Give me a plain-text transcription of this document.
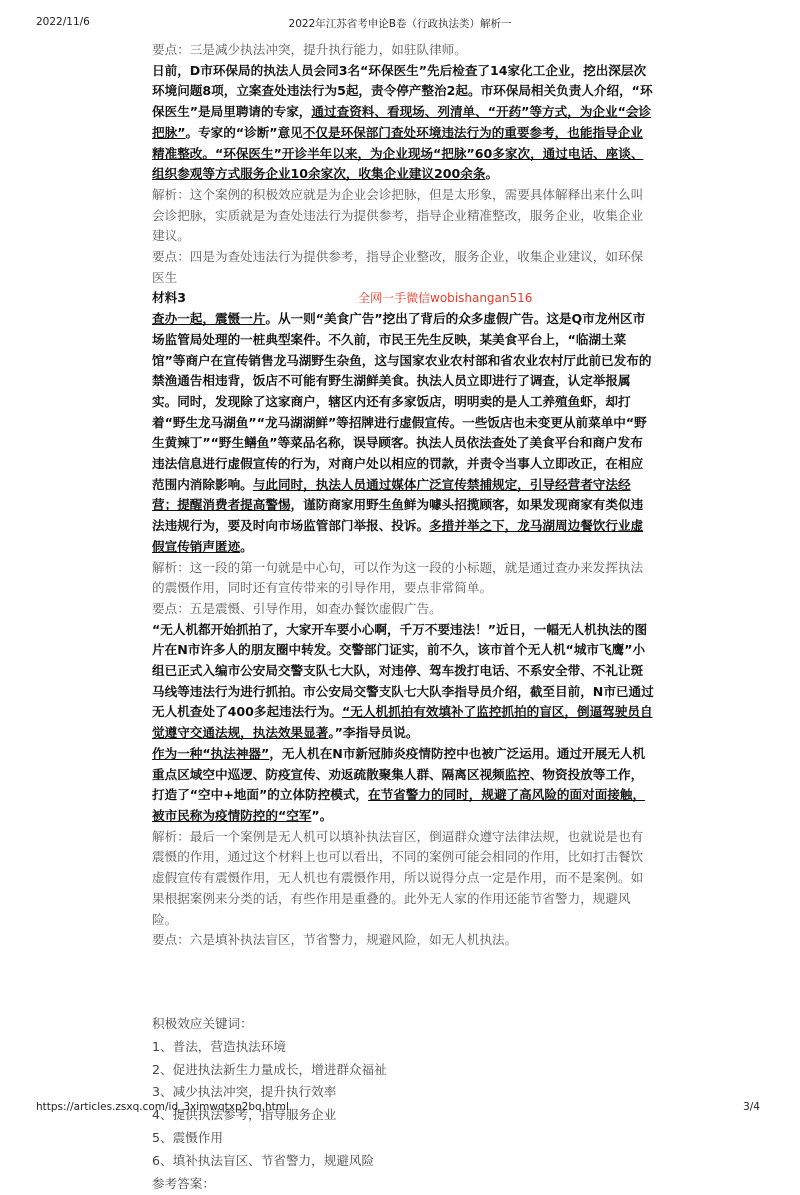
2022/11/6	2022年江苏省考申论B卷（行政执法类）解析一

要点：三是减少执法冲突，提升执行能力，如驻队律师。

日前，D市环保局的执法人员会同3名“环保医生”先后检查了14家化工企业，挖出深层次环境问题8项，立案查处违法行为5起，责令停产整治2起。市环保局相关负责人介绍，“环保医生”是局里聘请的专家，通过查资料、看现场、列清单、“开药”等方式，为企业“会诊把脉”。专家的“诊断”意见不仅是环保部门查处环境违法行为的重要参考，也能指导企业精准整改。“环保医生”开诊半年以来，为企业现场“把脉”60多家次，通过电话、座谈、组织参观等方式服务企业10余家次，收集企业建议200余条。

解析：这个案例的积极效应就是为企业会诊把脉，但是太形象，需要具体解释出来什么叫会诊把脉，实质就是为查处违法行为提供参考，指导企业精准整改，服务企业，收集企业建议。

要点：四是为查处违法行为提供参考，指导企业整改，服务企业，收集企业建议，如环保医生

材料3	全网一手微信wobishangan516

查办一起，震慑一片。从一则“美食广告”挖出了背后的众多虚假广告。这是Q市龙州区市场监管局处理的一桩典型案件。不久前，市民王先生反映，某美食平台上，“临湖土菜馆”等商户在宣传销售龙马湖野生杂鱼，这与国家农业农村部和省农业农村厅此前已发布的禁渔通告相违背，饭店不可能有野生湖鲜美食。执法人员立即进行了调查，认定举报属实。同时，发现除了这家商户，辖区内还有多家饭店，明明卖的是人工养殖鱼虾，却打着“野生龙马湖鱼”“龙马湖湖鲜”等招牌进行虚假宣传。一些饭店也未变更从前菜单中“野生黄辣丁”“野生鳝鱼”等菜品名称，误导顾客。执法人员依法查处了美食平台和商户发布违法信息进行虚假宣传的行为，对商户处以相应的罚款，并责令当事人立即改正，在相应范围内消除影响。与此同时，执法人员通过媒体广泛宣传禁捕规定，引导经营者守法经营；提醒消费者提高警惕，谨防商家用野生鱼鲜为噱头招揽顾客，如果发现商家有类似违法违规行为，要及时向市场监管部门举报、投诉。多措并举之下，龙马湖周边餐饮行业虚假宣传销声匿迹。

解析：这一段的第一句就是中心句，可以作为这一段的小标题，就是通过查办来发挥执法的震慑作用，同时还有宣传带来的引导作用，要点非常简单。

要点：五是震慑、引导作用，如查办餐饮虚假广告。

“无人机都开始抓拍了，大家开车要小心啊，千万不要违法！”近日，一幅无人机执法的图片在N市许多人的朋友圈中转发。交警部门证实，前不久，该市首个无人机“城市飞鹰”小组已正式入编市公安局交警支队七大队，对违停、驾车拨打电话、不系安全带、不礼让斑马线等违法行为进行抓拍。市公安局交警支队七大队李指导员介绍，截至目前，N市已通过无人机查处了400多起违法行为。“无人机抓拍有效填补了监控抓拍的盲区，倒逼驾驶员自觉遵守交通法规，执法效果显著。”李指导员说。

作为一种“执法神器”，无人机在N市新冠肺炎疫情防控中也被广泛运用。通过开展无人机重点区域空中巡逻、防疫宣传、劝返疏散聚集人群、隔离区视频监控、物资投放等工作，打造了“空中+地面”的立体防控模式，在节省警力的同时，规避了高风险的面对面接触，被市民称为疫情防控的“空军”。

解析：最后一个案例是无人机可以填补执法盲区，倒逼群众遵守法律法规，也就说是也有震慑的作用，通过这个材料上也可以看出，不同的案例可能会相同的作用，比如打击餐饮虚假宣传有震慑作用，无人机也有震慑作用，所以说得分点一定是作用，而不是案例。如果根据案例来分类的话，有些作用是重叠的。此外无人家的作用还能节省警力，规避风险。

要点：六是填补执法盲区，节省警力，规避风险，如无人机执法。

积极效应关键词：

1、普法，营造执法环境

2、促进执法新生力量成长，增进群众福祉

3、减少执法冲突，提升执行效率

4、提供执法参考，指导服务企业

5、震慑作用

6、填补执法盲区、节省警力，规避风险

参考答案：

https://articles.zsxq.com/id_3ximwqtxp2bq.html	3/4
